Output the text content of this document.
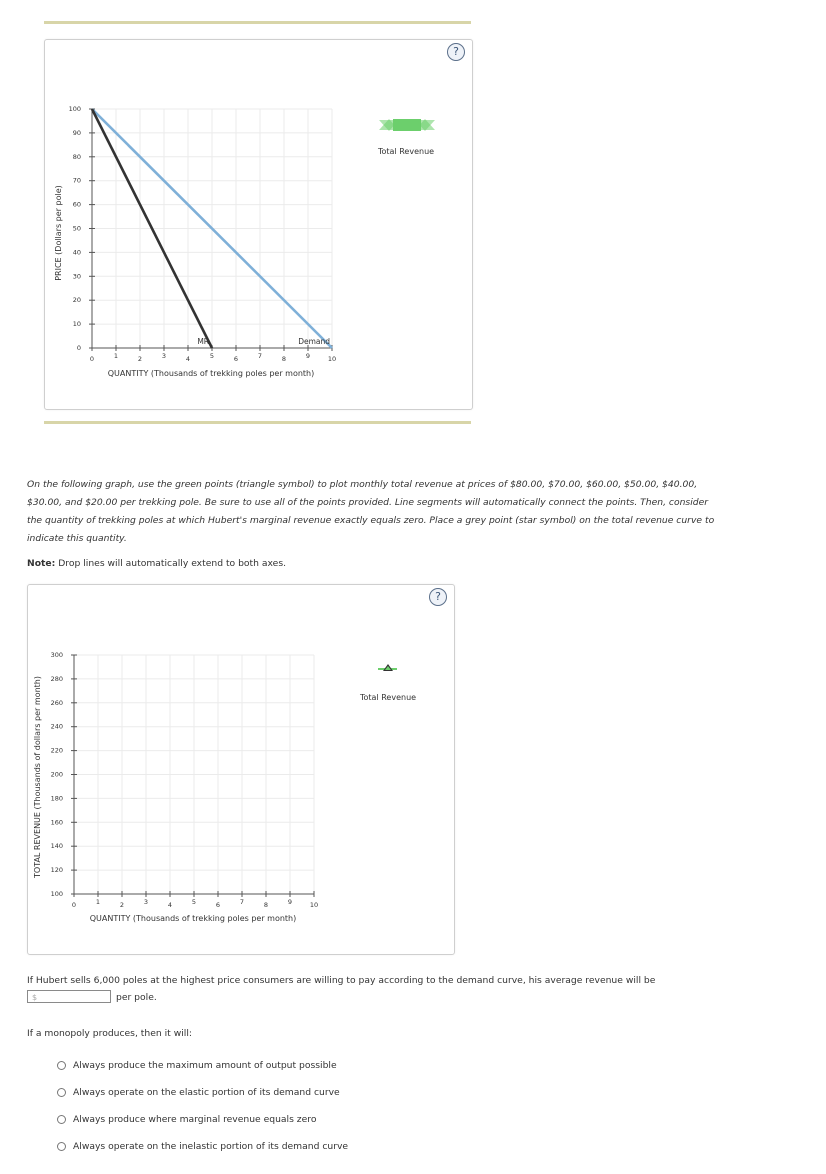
?
PRICE (Dollars per pole)
QUANTITY (Thousands of trekking poles per month)
Total Revenue
0	1	2	3	4	5	6	7	8	9	10
0
10
20
30
40
50
60
70
80
90
100
Demand
MR
On the following graph, use the green points (triangle symbol) to plot monthly total revenue at prices of $80.00, $70.00, $60.00, $50.00, $40.00, $30.00, and $20.00 per trekking pole. Be sure to use all of the points provided. Line segments will automatically connect the points. Then, consider the quantity of trekking poles at which Hubert's marginal revenue exactly equals zero. Place a grey point (star symbol) on the total revenue curve to indicate this quantity.
Note: Drop lines will automatically extend to both axes.
?
TOTAL REVENUE (Thousands of dollars per month)
QUANTITY (Thousands of trekking poles per month)
Total Revenue
0	1	2	3	4	5	6	7	8	9	10
100
120
140
160
180
200
220
240
260
280
300
If Hubert sells 6,000 poles at the highest price consumers are willing to pay according to the demand curve, his average revenue will be
$	per pole.
If a monopoly produces, then it will:
Always produce the maximum amount of output possible
Always operate on the elastic portion of its demand curve
Always produce where marginal revenue equals zero
Always operate on the inelastic portion of its demand curve
